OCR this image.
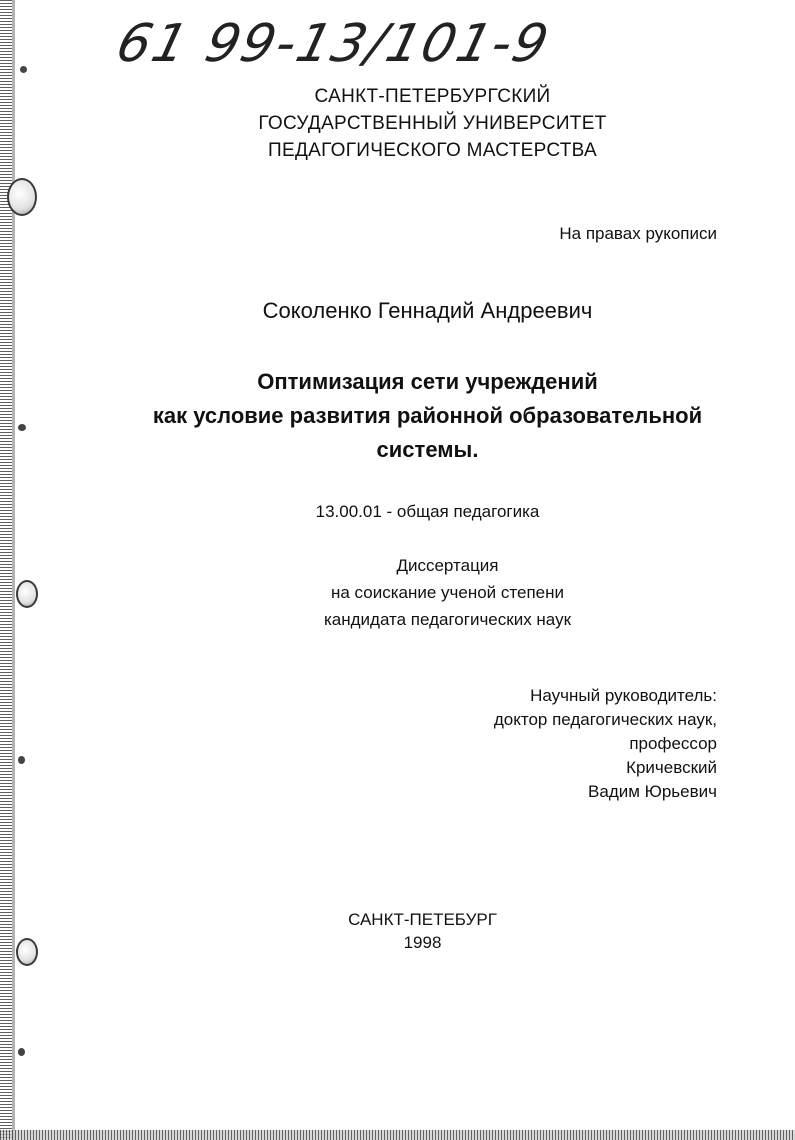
61 99-13/101-9
САНКТ-ПЕТЕРБУРГСКИЙ
ГОСУДАРСТВЕННЫЙ УНИВЕРСИТЕТ
ПЕДАГОГИЧЕСКОГО МАСТЕРСТВА
На правах рукописи
Соколенко Геннадий Андреевич
Оптимизация сети учреждений
как условие развития районной образовательной
системы.
13.00.01 - общая педагогика
Диссертация
на соискание ученой степени
кандидата педагогических наук
Научный руководитель:
доктор педагогических наук,
профессор
Кричевский
Вадим Юрьевич
САНКТ-ПЕТЕБУРГ
1998
